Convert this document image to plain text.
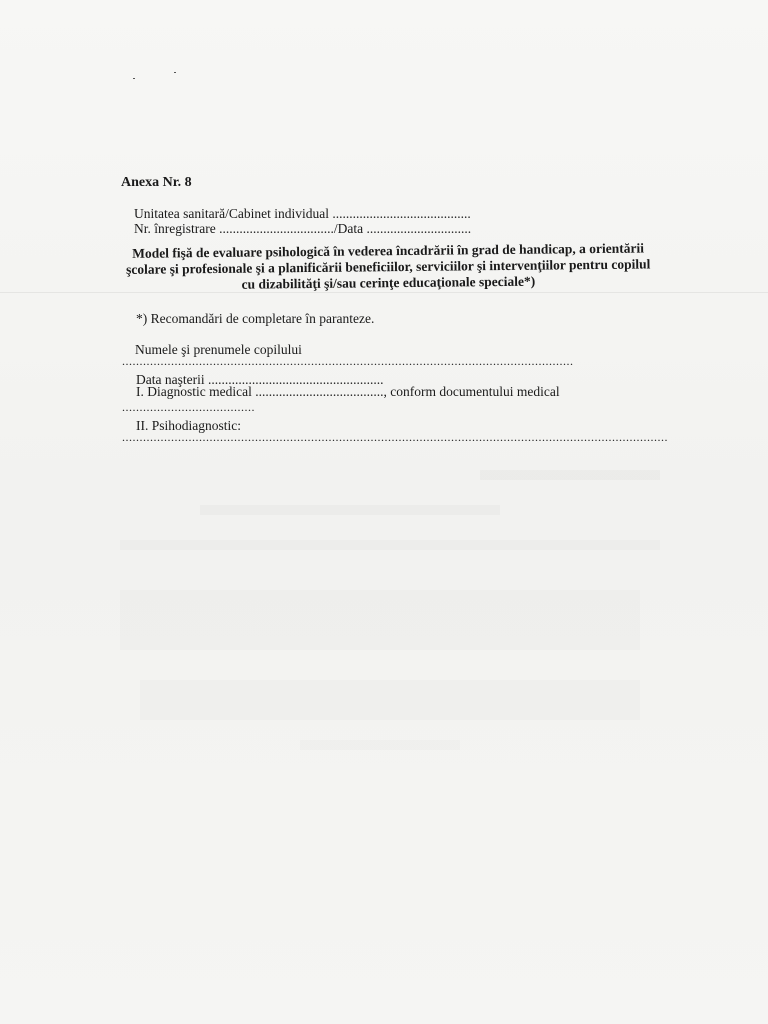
Anexa Nr. 8
Unitatea sanitară/Cabinet individual .........................................
Nr. înregistrare ................................../Data ...............................
Model fişă de evaluare psihologică în vederea încadrării în grad de handicap, a orientării
şcolare şi profesionale şi a planificării beneficiilor, serviciilor şi intervenţiilor pentru copilul
cu dizabilităţi şi/sau cerinţe educaţionale speciale*)
*) Recomandări de completare în paranteze.
Numele şi prenumele copilului
.................................................................................................................................
Data naşterii ....................................................
I. Diagnostic medical ......................................, conform documentului medical
......................................
II. Psihodiagnostic:
............................................................................................................................................................
